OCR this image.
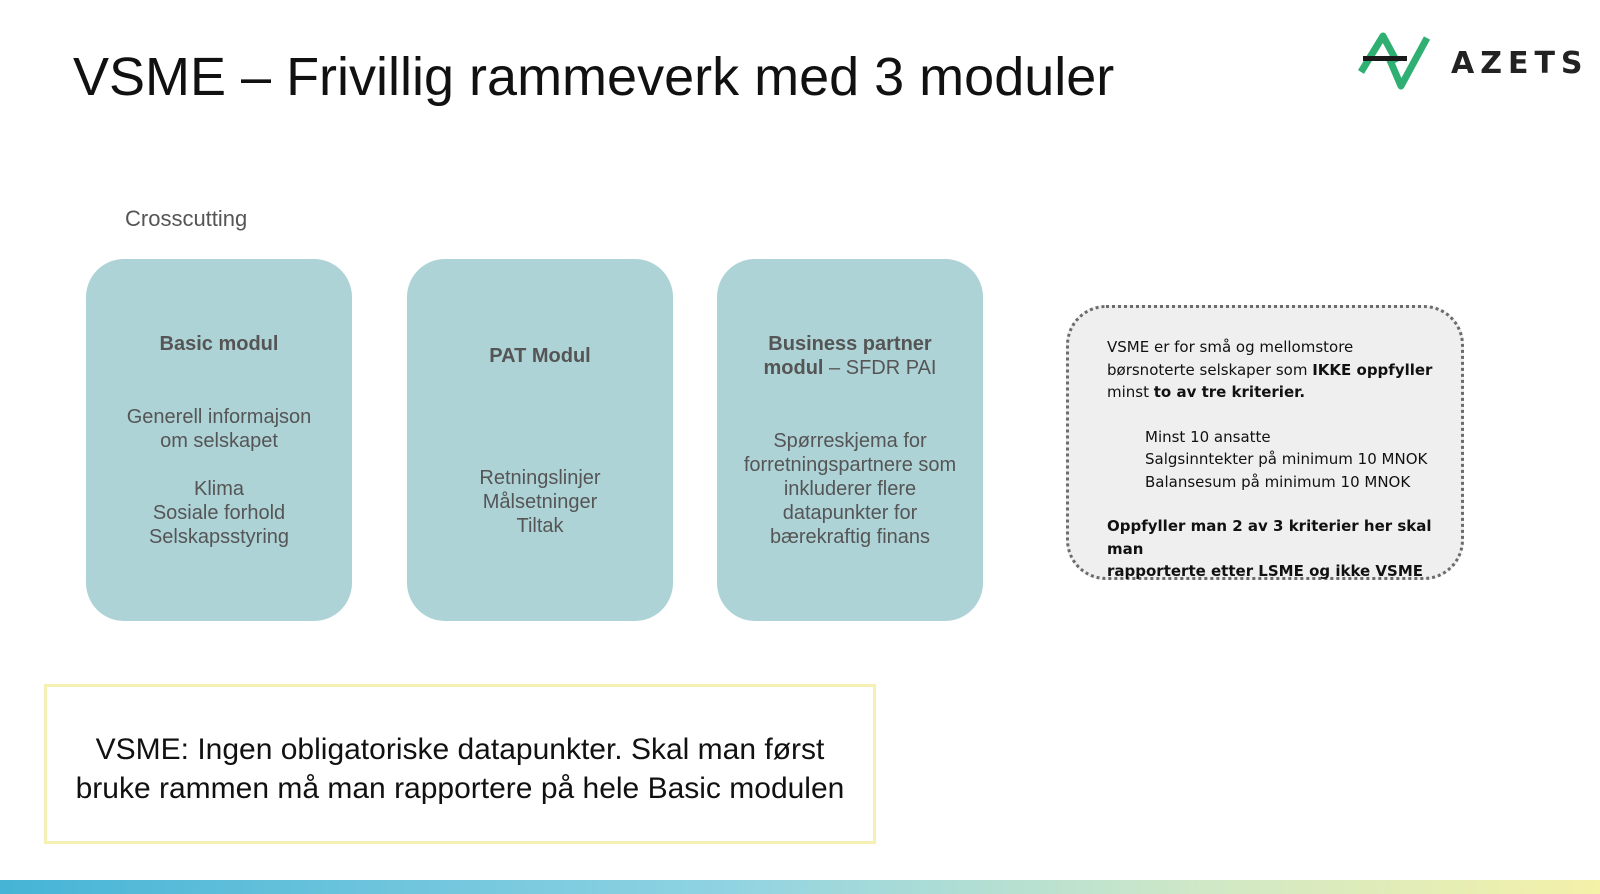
VSME – Frivillig rammeverk med 3 moduler	AZETS
Crosscutting
Basic modul
Generell informajson
om selskapet
Klima
Sosiale forhold
Selskapsstyring
PAT Modul
Retningslinjer
Målsetninger
Tiltak
Business partner
modul – SFDR PAI
Spørreskjema for
forretningspartnere som
inkluderer flere
datapunkter for
bærekraftig finans
VSME er for små og mellomstore
børsnoterte selskaper som IKKE oppfyller
minst to av tre kriterier.
Minst 10 ansatte
Salgsinntekter på minimum 10 MNOK
Balansesum på minimum 10 MNOK
Oppfyller man 2 av 3 kriterier her skal man
rapporterte etter LSME og ikke VSME
VSME: Ingen obligatoriske datapunkter. Skal man først
bruke rammen må man rapportere på hele Basic modulen
